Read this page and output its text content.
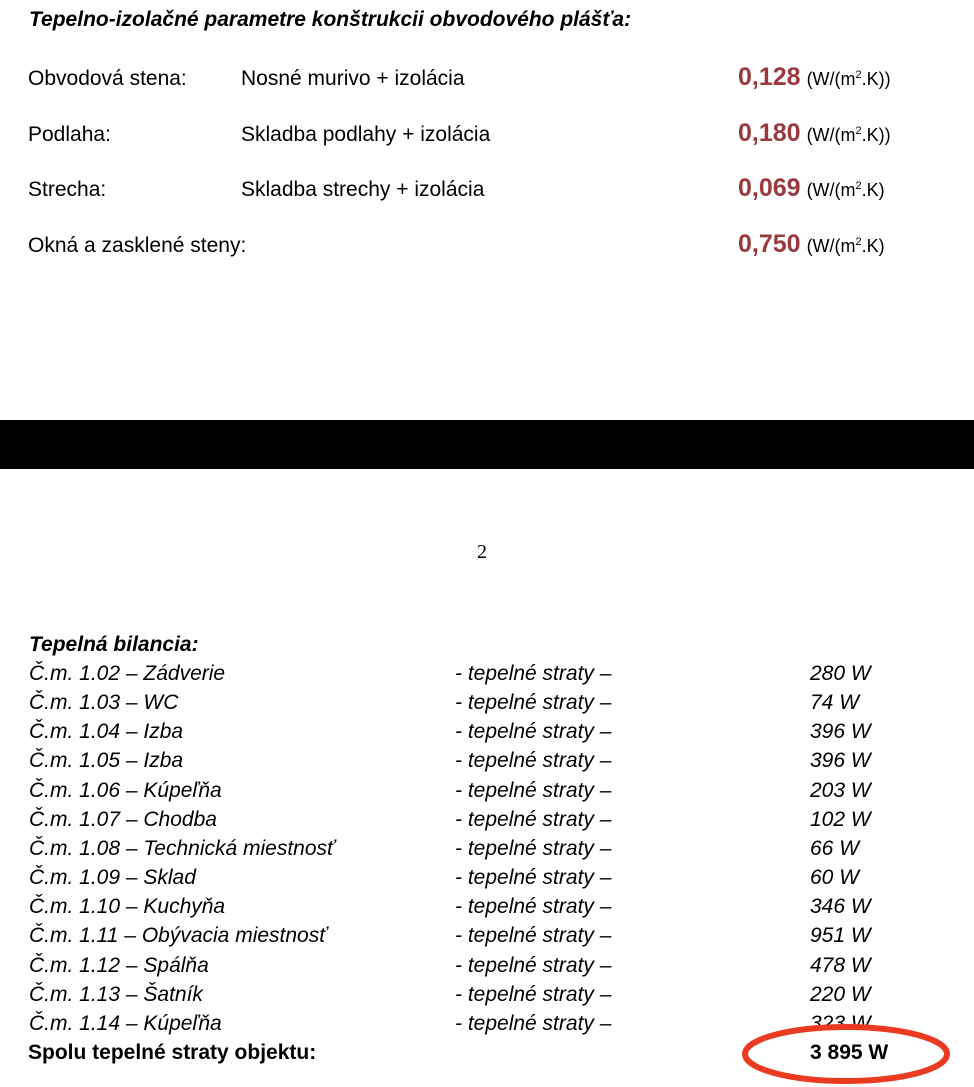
Tepelno-izolačné parametre konštrukcii obvodového plášťa:
Obvodová stena:	Nosné murivo + izolácia	0,128 $(W/(m^2.K))$
Podlaha:	Skladba podlahy + izolácia	0,180 $(W/(m^2.K))$
Strecha:	Skladba strechy + izolácia	0,069 ($W/(m^2.K)$
Okná a zasklené steny:	0,750 ($W/(m^2.K)$
2
Tepelná bilancia:
Č.m. 1.02 – Zádverie	- tepelné straty –	280 W
Č.m. 1.03 – WC	- tepelné straty –	74 W
Č.m. 1.04 – Izba	- tepelné straty –	396 W
Č.m. 1.05 – Izba	- tepelné straty –	396 W
Č.m. 1.06 – Kúpeľňa	- tepelné straty –	203 W
Č.m. 1.07 – Chodba	- tepelné straty –	102 W
Č.m. 1.08 – Technická miestnosť	- tepelné straty –	66 W
Č.m. 1.09 – Sklad	- tepelné straty –	60 W
Č.m. 1.10 – Kuchyňa	- tepelné straty –	346 W
Č.m. 1.11 – Obývacia miestnosť	- tepelné straty –	951 W
Č.m. 1.12 – Spálňa	- tepelné straty –	478 W
Č.m. 1.13 – Šatník	- tepelné straty –	220 W
Č.m. 1.14 – Kúpeľňa	- tepelné straty –	323 W
Spolu tepelné straty objektu:	3 895 W
